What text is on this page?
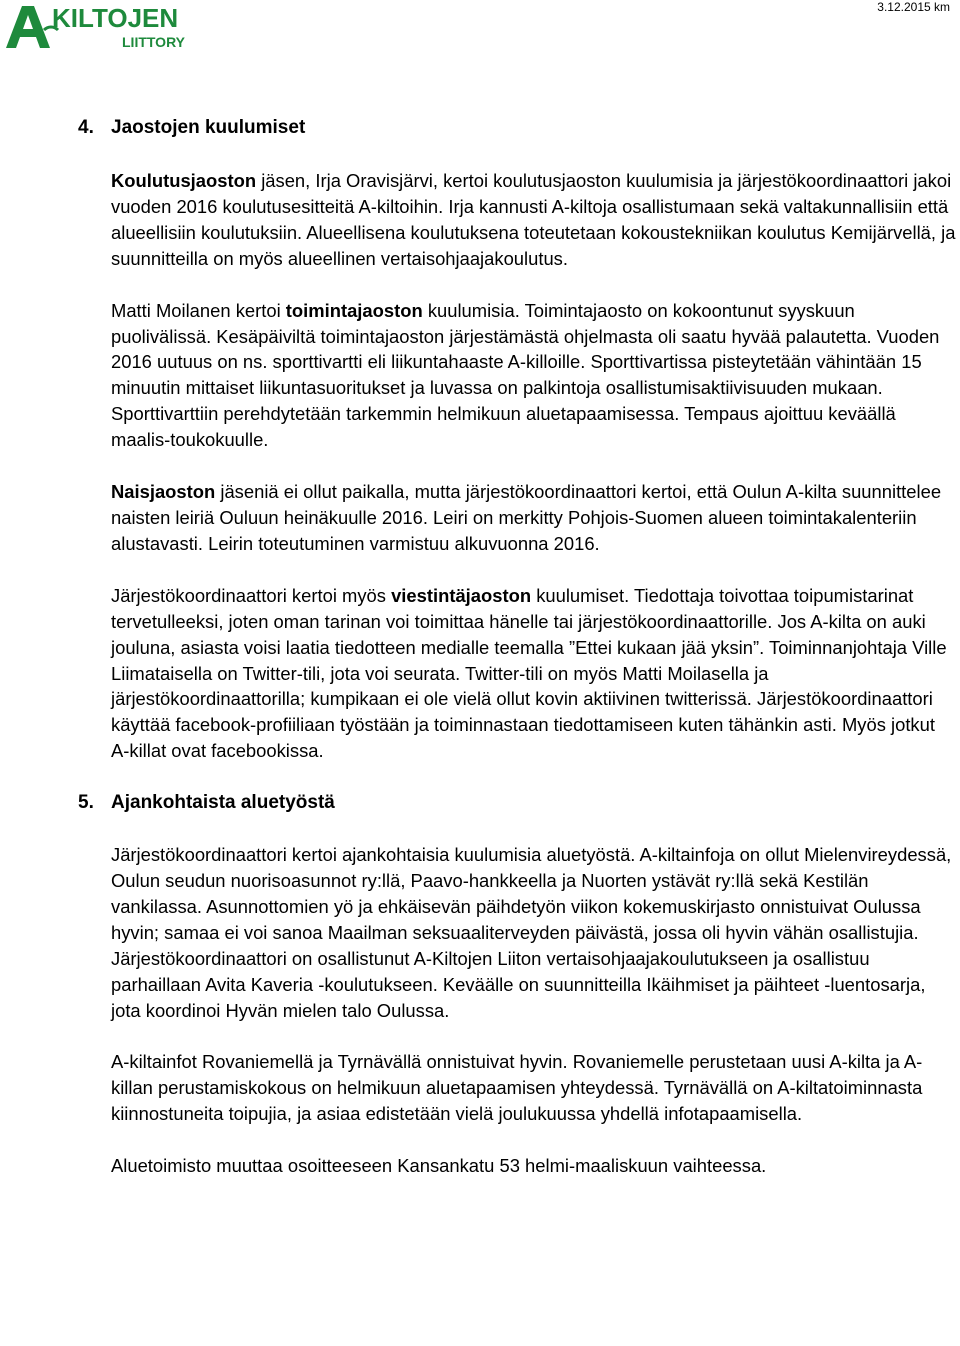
KILTOJEN
LIITTORY
3.12.2015 km
4. Jaostojen kuulumiset

Koulutusjaoston jäsen, Irja Oravisjärvi, kertoi koulutusjaoston kuulumisia ja järjestökoordinaattori jakoi vuoden 2016 koulutusesitteitä A-kiltoihin. Irja kannusti A-kiltoja osallistumaan sekä valtakunnallisiin että alueellisiin koulutuksiin. Alueellisena koulutuksena toteutetaan kokoustekniikan koulutus Kemijärvellä, ja suunnitteilla on myös alueellinen vertaisohjaajakoulutus.

Matti Moilanen kertoi toimintajaoston kuulumisia. Toimintajaosto on kokoontunut syyskuun puolivälissä. Kesäpäiviltä toimintajaoston järjestämästä ohjelmasta oli saatu hyvää palautetta. Vuoden 2016 uutuus on ns. sporttivartti eli liikuntahaaste A-killoille. Sporttivartissa pisteytetään vähintään 15 minuutin mittaiset liikuntasuoritukset ja luvassa on palkintoja osallistumisaktiivisuuden mukaan. Sporttivarttiin perehdytetään tarkemmin helmikuun aluetapaamisessa. Tempaus ajoittuu keväällä maalis-toukokuulle.

Naisjaoston jäseniä ei ollut paikalla, mutta järjestökoordinaattori kertoi, että Oulun A-kilta suunnittelee naisten leiriä Ouluun heinäkuulle 2016. Leiri on merkitty Pohjois-Suomen alueen toimintakalenteriin alustavasti. Leirin toteutuminen varmistuu alkuvuonna 2016.

Järjestökoordinaattori kertoi myös viestintäjaoston kuulumiset. Tiedottaja toivottaa toipumistarinat tervetulleeksi, joten oman tarinan voi toimittaa hänelle tai järjestökoordinaattorille. Jos A-kilta on auki jouluna, asiasta voisi laatia tiedotteen medialle teemalla ”Ettei kukaan jää yksin”. Toiminnanjohtaja Ville Liimataisella on Twitter-tili, jota voi seurata. Twitter-tili on myös Matti Moilasella ja järjestökoordinaattorilla; kumpikaan ei ole vielä ollut kovin aktiivinen twitterissä. Järjestökoordinaattori käyttää facebook-profiiliaan työstään ja toiminnastaan tiedottamiseen kuten tähänkin asti. Myös jotkut A-killat ovat facebookissa.

5. Ajankohtaista aluetyöstä

Järjestökoordinaattori kertoi ajankohtaisia kuulumisia aluetyöstä. A-kiltainfoja on ollut Mielenvireydessä, Oulun seudun nuorisoasunnot ry:llä, Paavo-hankkeella ja Nuorten ystävät ry:llä sekä Kestilän vankilassa. Asunnottomien yö ja ehkäisevän päihdetyön viikon kokemuskirjasto onnistuivat Oulussa hyvin; samaa ei voi sanoa Maailman seksuaaliterveyden päivästä, jossa oli hyvin vähän osallistujia. Järjestökoordinaattori on osallistunut A-Kiltojen Liiton vertaisohjaajakoulutukseen ja osallistuu parhaillaan Avita Kaveria -koulutukseen. Keväälle on suunnitteilla Ikäihmiset ja päihteet -luentosarja, jota koordinoi Hyvän mielen talo Oulussa.

A-kiltainfot Rovaniemellä ja Tyrnävällä onnistuivat hyvin. Rovaniemelle perustetaan uusi A-kilta ja A-killan perustamiskokous on helmikuun aluetapaamisen yhteydessä. Tyrnävällä on A-kiltatoiminnasta kiinnostuneita toipujia, ja asiaa edistetään vielä joulukuussa yhdellä infotapaamisella.

Aluetoimisto muuttaa osoitteeseen Kansankatu 53 helmi-maaliskuun vaihteessa.
